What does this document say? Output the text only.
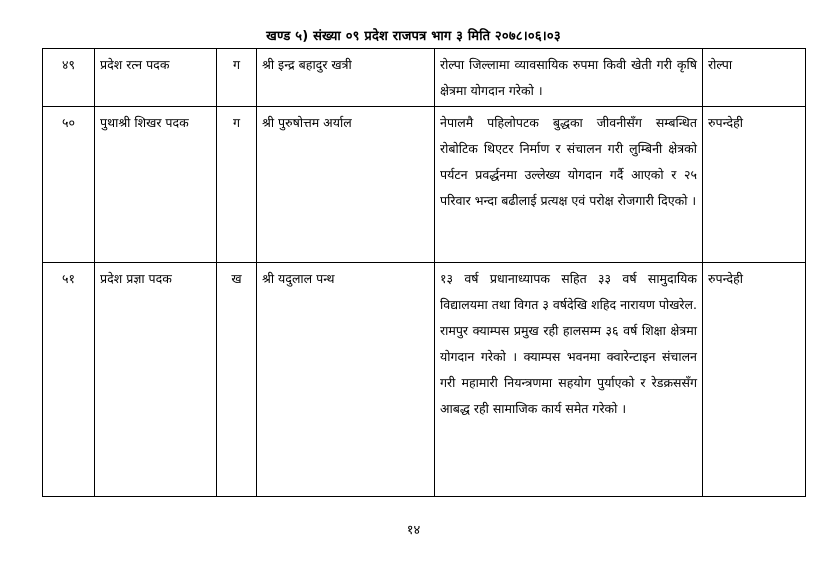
खण्ड ५) संख्या ०९ प्रदेश राजपत्र भाग ३ मिति २०७८।०६।०३
४९	प्रदेश रत्न पदक	ग	श्री इन्द्र बहादुर खत्री	रोल्पा जिल्लामा व्यावसायिक रुपमा किवी खेती गरी कृषि क्षेत्रमा योगदान गरेको ।	रोल्पा
५०	पुथाश्री शिखर पदक	ग	श्री पुरुषोत्तम अर्याल	नेपालमै पहिलोपटक बुद्धका जीवनीसँग सम्बन्धित रोबोटिक थिएटर निर्माण र संचालन गरी लुम्बिनी क्षेत्रको पर्यटन प्रवर्द्धनमा उल्लेख्य योगदान गर्दै आएको र २५ परिवार भन्दा बढीलाई प्रत्यक्ष एवं परोक्ष रोजगारी दिएको ।	रुपन्देही
५१	प्रदेश प्रज्ञा पदक	ख	श्री यदुलाल पन्थ	१३ वर्ष प्रधानाध्यापक सहित ३३ वर्ष सामुदायिक विद्यालयमा तथा विगत ३ वर्षदेखि शहिद नारायण पोखरेल. रामपुर क्याम्पस प्रमुख रही हालसम्म ३६ वर्ष शिक्षा क्षेत्रमा योगदान गरेको । क्याम्पस भवनमा क्वारेन्टाइन संचालन गरी महामारी नियन्त्रणमा सहयोग पुर्याएको र रेडक्रससँग आबद्ध रही सामाजिक कार्य समेत गरेको ।	रुपन्देही
१४
